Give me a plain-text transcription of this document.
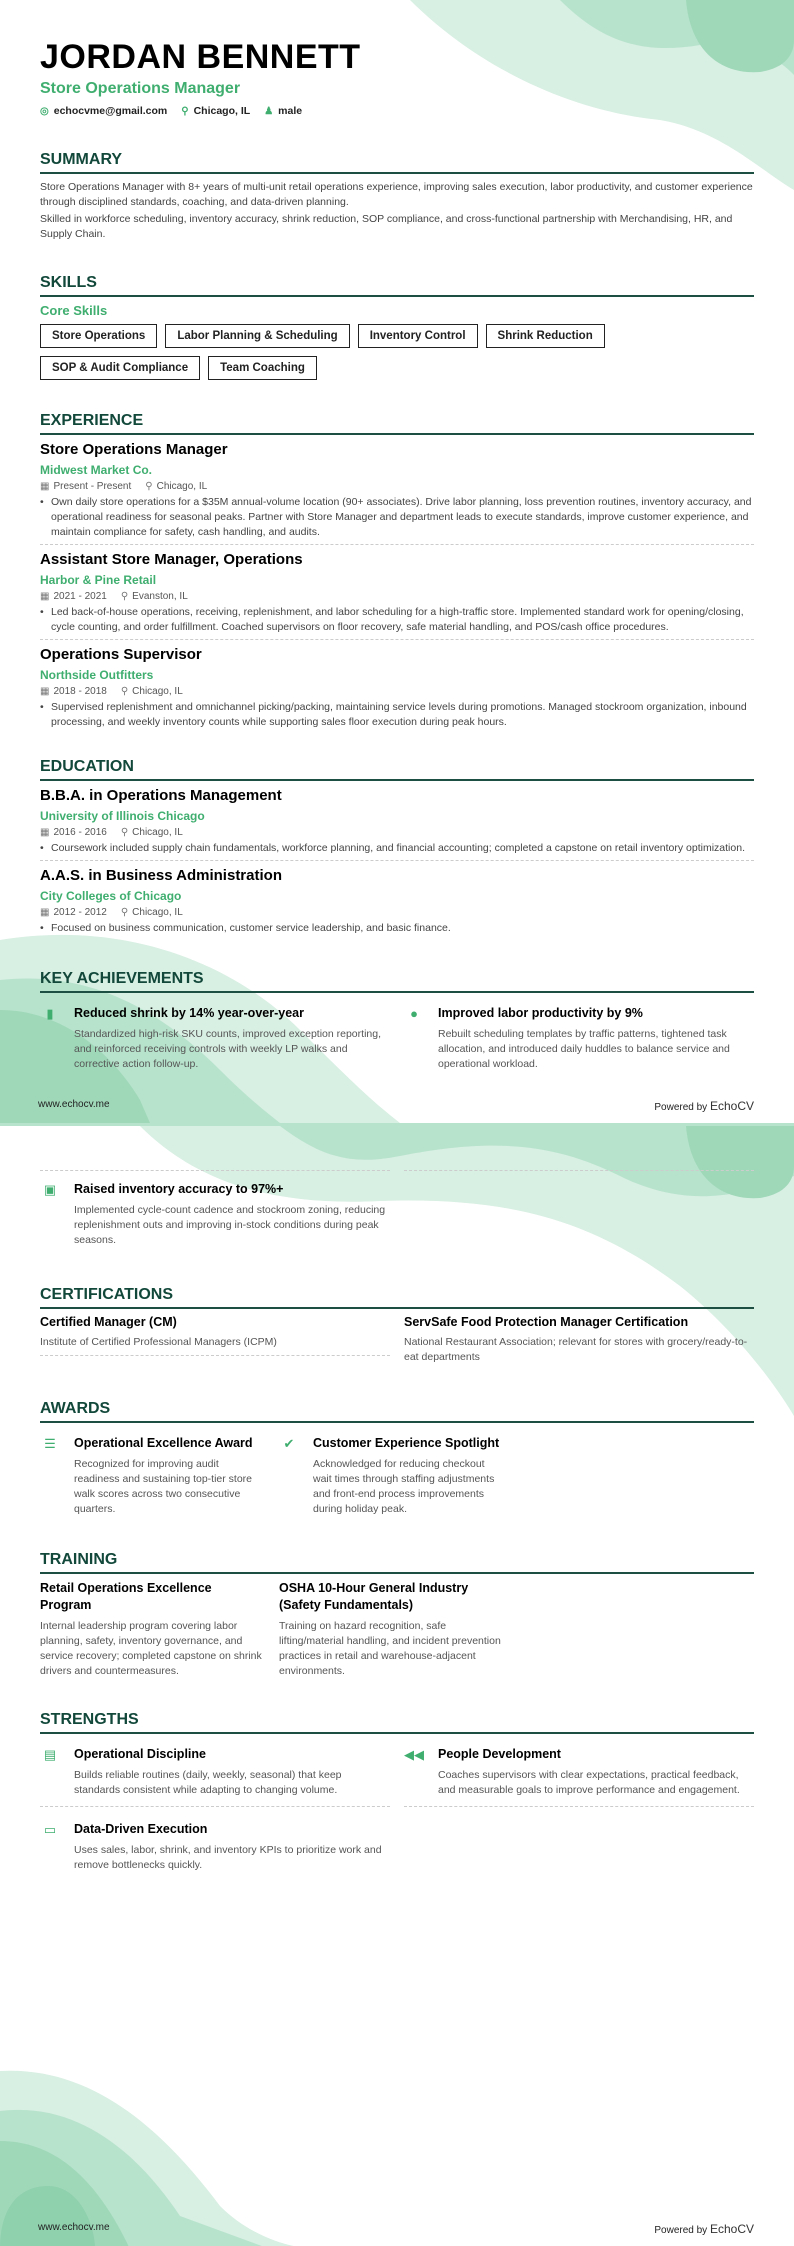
JORDAN BENNETT
Store Operations Manager
◎ echocvme@gmail.com ⚲ Chicago, IL ♟ male
SUMMARY

Store Operations Manager with 8+ years of multi-unit retail operations experience, improving sales execution, labor productivity, and customer experience through disciplined standards, coaching, and data-driven planning.

Skilled in workforce scheduling, inventory accuracy, shrink reduction, SOP compliance, and cross-functional partnership with Merchandising, HR, and Supply Chain.

SKILLS
Core Skills
Store Operations	Labor Planning & Scheduling	Inventory Control	Shrink Reduction
SOP & Audit Compliance	Team Coaching
EXPERIENCE
Store Operations Manager
Midwest Market Co.
▦ Present - Present ⚲ Chicago, IL
• Own daily store operations for a $35M annual-volume location (90+ associates). Drive labor planning, loss prevention routines, inventory accuracy, and operational readiness for seasonal peaks. Partner with Store Manager and department leads to execute standards, improve customer experience, and maintain compliance for safety, cash handling, and audits.
Assistant Store Manager, Operations
Harbor & Pine Retail
▦ 2021 - 2021 ⚲ Evanston, IL
• Led back-of-house operations, receiving, replenishment, and labor scheduling for a high-traffic store. Implemented standard work for opening/closing, cycle counting, and order fulfillment. Coached supervisors on floor recovery, safe material handling, and POS/cash office procedures.
Operations Supervisor
Northside Outfitters
▦ 2018 - 2018 ⚲ Chicago, IL
• Supervised replenishment and omnichannel picking/packing, maintaining service levels during promotions. Managed stockroom organization, inbound processing, and weekly inventory counts while supporting sales floor execution during peak hours.
EDUCATION
B.B.A. in Operations Management
University of Illinois Chicago
▦ 2016 - 2016 ⚲ Chicago, IL
• Coursework included supply chain fundamentals, workforce planning, and financial accounting; completed a capstone on retail inventory optimization.
A.A.S. in Business Administration
City Colleges of Chicago
▦ 2012 - 2012 ⚲ Chicago, IL
• Focused on business communication, customer service leadership, and basic finance.
KEY ACHIEVEMENTS
▮	Reduced shrink by 14% year-over-year
Standardized high-risk SKU counts, improved exception reporting, and reinforced receiving controls with weekly LP walks and corrective action follow-up.
●	Improved labor productivity by 9%
Rebuilt scheduling templates by traffic patterns, tightened task allocation, and introduced daily huddles to balance service and operational workload.
www.echocv.me	Powered by EchoCV
▣	Raised inventory accuracy to 97%+
Implemented cycle-count cadence and stockroom zoning, reducing replenishment outs and improving in-stock conditions during peak seasons.
CERTIFICATIONS
Certified Manager (CM)
Institute of Certified Professional Managers (ICPM)
ServSafe Food Protection Manager Certification
National Restaurant Association; relevant for stores with grocery/ready-to-eat departments
AWARDS
☰	Operational Excellence Award
Recognized for improving audit readiness and sustaining top-tier store walk scores across two consecutive quarters.
✔	Customer Experience Spotlight
Acknowledged for reducing checkout wait times through staffing adjustments and front-end process improvements during holiday peak.
TRAINING
Retail Operations Excellence Program
Internal leadership program covering labor planning, safety, inventory governance, and service recovery; completed capstone on shrink drivers and countermeasures.
OSHA 10-Hour General Industry (Safety Fundamentals)
Training on hazard recognition, safe lifting/material handling, and incident prevention practices in retail and warehouse-adjacent environments.
STRENGTHS
▤	Operational Discipline
Builds reliable routines (daily, weekly, seasonal) that keep standards consistent while adapting to changing volume.
◀◀ People Development
Coaches supervisors with clear expectations, practical feedback, and measurable goals to improve performance and engagement.
▭	Data-Driven Execution
Uses sales, labor, shrink, and inventory KPIs to prioritize work and remove bottlenecks quickly.
www.echocv.me	Powered by EchoCV
